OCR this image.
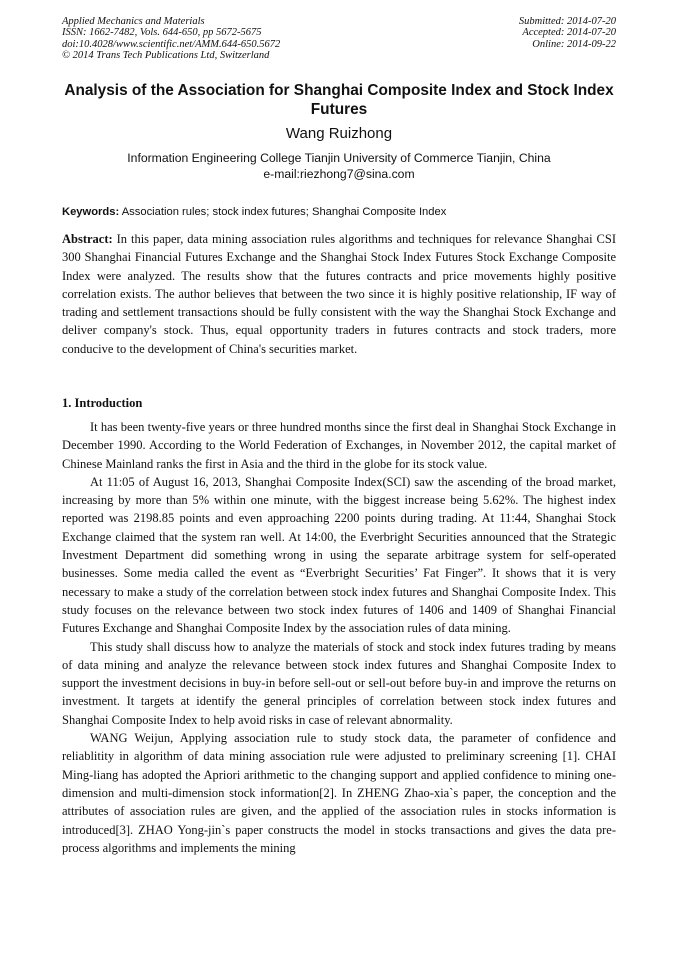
Applied Mechanics and Materials
ISSN: 1662-7482, Vols. 644-650, pp 5672-5675
doi:10.4028/www.scientific.net/AMM.644-650.5672
© 2014 Trans Tech Publications Ltd, Switzerland
Submitted: 2014-07-20
Accepted: 2014-07-20
Online: 2014-09-22
Analysis of the Association for Shanghai Composite Index and Stock Index Futures
Wang Ruizhong
Information Engineering College Tianjin University of Commerce Tianjin, China
e-mail:riezhong7@sina.com
Keywords: Association rules; stock index futures; Shanghai Composite Index

Abstract: In this paper, data mining association rules algorithms and techniques for relevance Shanghai CSI 300 Shanghai Financial Futures Exchange and the Shanghai Stock Index Futures Stock Exchange Composite Index were analyzed. The results show that the futures contracts and price movements highly positive correlation exists. The author believes that between the two since it is highly positive relationship, IF way of trading and settlement transactions should be fully consistent with the way the Shanghai Stock Exchange and deliver company's stock. Thus, equal opportunity traders in futures contracts and stock traders, more conducive to the development of China's securities market.

1. Introduction

It has been twenty-five years or three hundred months since the first deal in Shanghai Stock Exchange in December 1990. According to the World Federation of Exchanges, in November 2012, the capital market of Chinese Mainland ranks the first in Asia and the third in the globe for its stock value.

At 11:05 of August 16, 2013, Shanghai Composite Index(SCI) saw the ascending of the broad market, increasing by more than 5% within one minute, with the biggest increase being 5.62%. The highest index reported was 2198.85 points and even approaching 2200 points during trading. At 11:44, Shanghai Stock Exchange claimed that the system ran well. At 14:00, the Everbright Securities announced that the Strategic Investment Department did something wrong in using the separate arbitrage system for self-operated businesses. Some media called the event as “Everbright Securities’ Fat Finger”. It shows that it is very necessary to make a study of the correlation between stock index futures and Shanghai Composite Index. This study focuses on the relevance between two stock index futures of 1406 and 1409 of Shanghai Financial Futures Exchange and Shanghai Composite Index by the association rules of data mining.

This study shall discuss how to analyze the materials of stock and stock index futures trading by means of data mining and analyze the relevance between stock index futures and Shanghai Composite Index to support the investment decisions in buy-in before sell-out or sell-out before buy-in and improve the returns on investment. It targets at identify the general principles of correlation between stock index futures and Shanghai Composite Index to help avoid risks in case of relevant abnormality.

WANG Weijun, Applying association rule to study stock data, the parameter of confidence and reliablitity in algorithm of data mining association rule were adjusted to preliminary screening [1]. CHAI Ming-liang has adopted the Apriori arithmetic to the changing support and applied confidence to mining one-dimension and multi-dimension stock information[2]. In ZHENG Zhao-xia`s paper, the conception and the attributes of association rules are given, and the applied of the association rules in stocks information is introduced[3]. ZHAO Yong-jin`s paper constructs the model in stocks transactions and gives the data pre-process algorithms and implements the mining
